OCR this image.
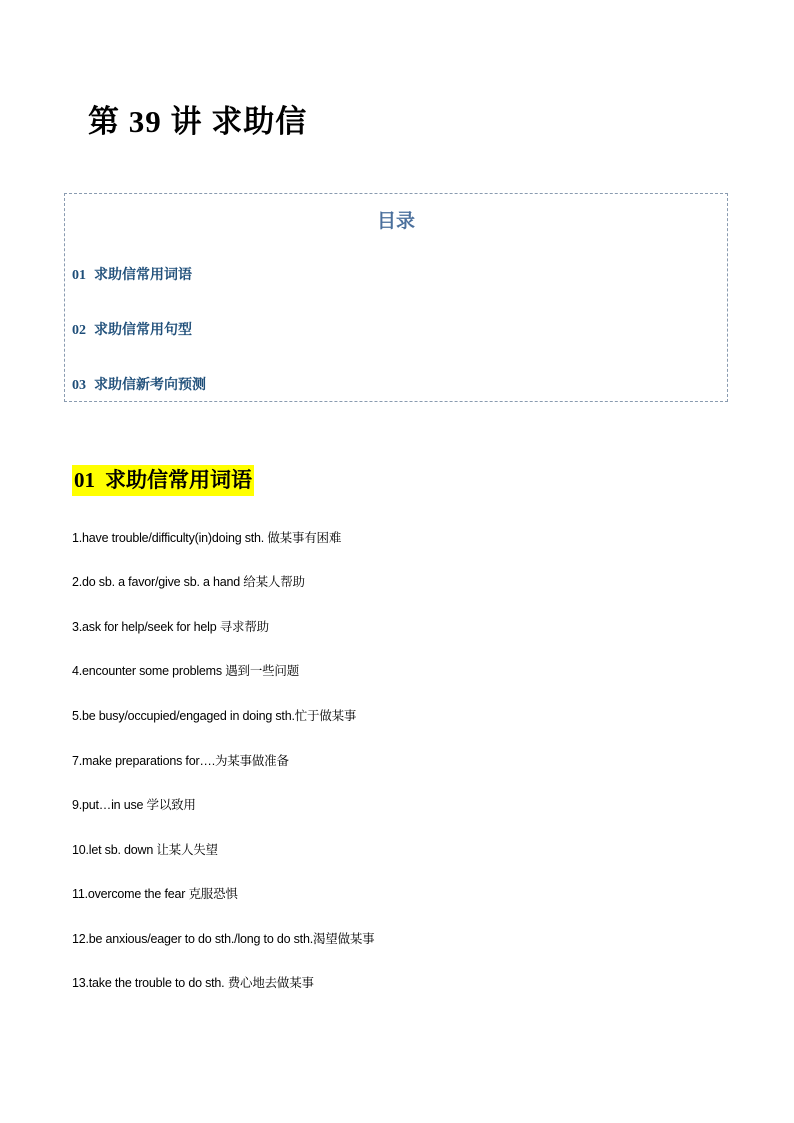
第 39 讲 求助信
目录
01 求助信常用词语
02 求助信常用句型
03 求助信新考向预测
01 求助信常用词语
1.have trouble/difficulty(in)doing sth. 做某事有困难
2.do sb. a favor/give sb. a hand 给某人帮助
3.ask for help/seek for help 寻求帮助
4.encounter some problems 遇到一些问题
5.be busy/occupied/engaged in doing sth.忙于做某事
7.make preparations for….为某事做准备
9.put…in use 学以致用
10.let sb. down 让某人失望
11.overcome the fear 克服恐惧
12.be anxious/eager to do sth./long to do sth.渴望做某事
13.take the trouble to do sth. 费心地去做某事
